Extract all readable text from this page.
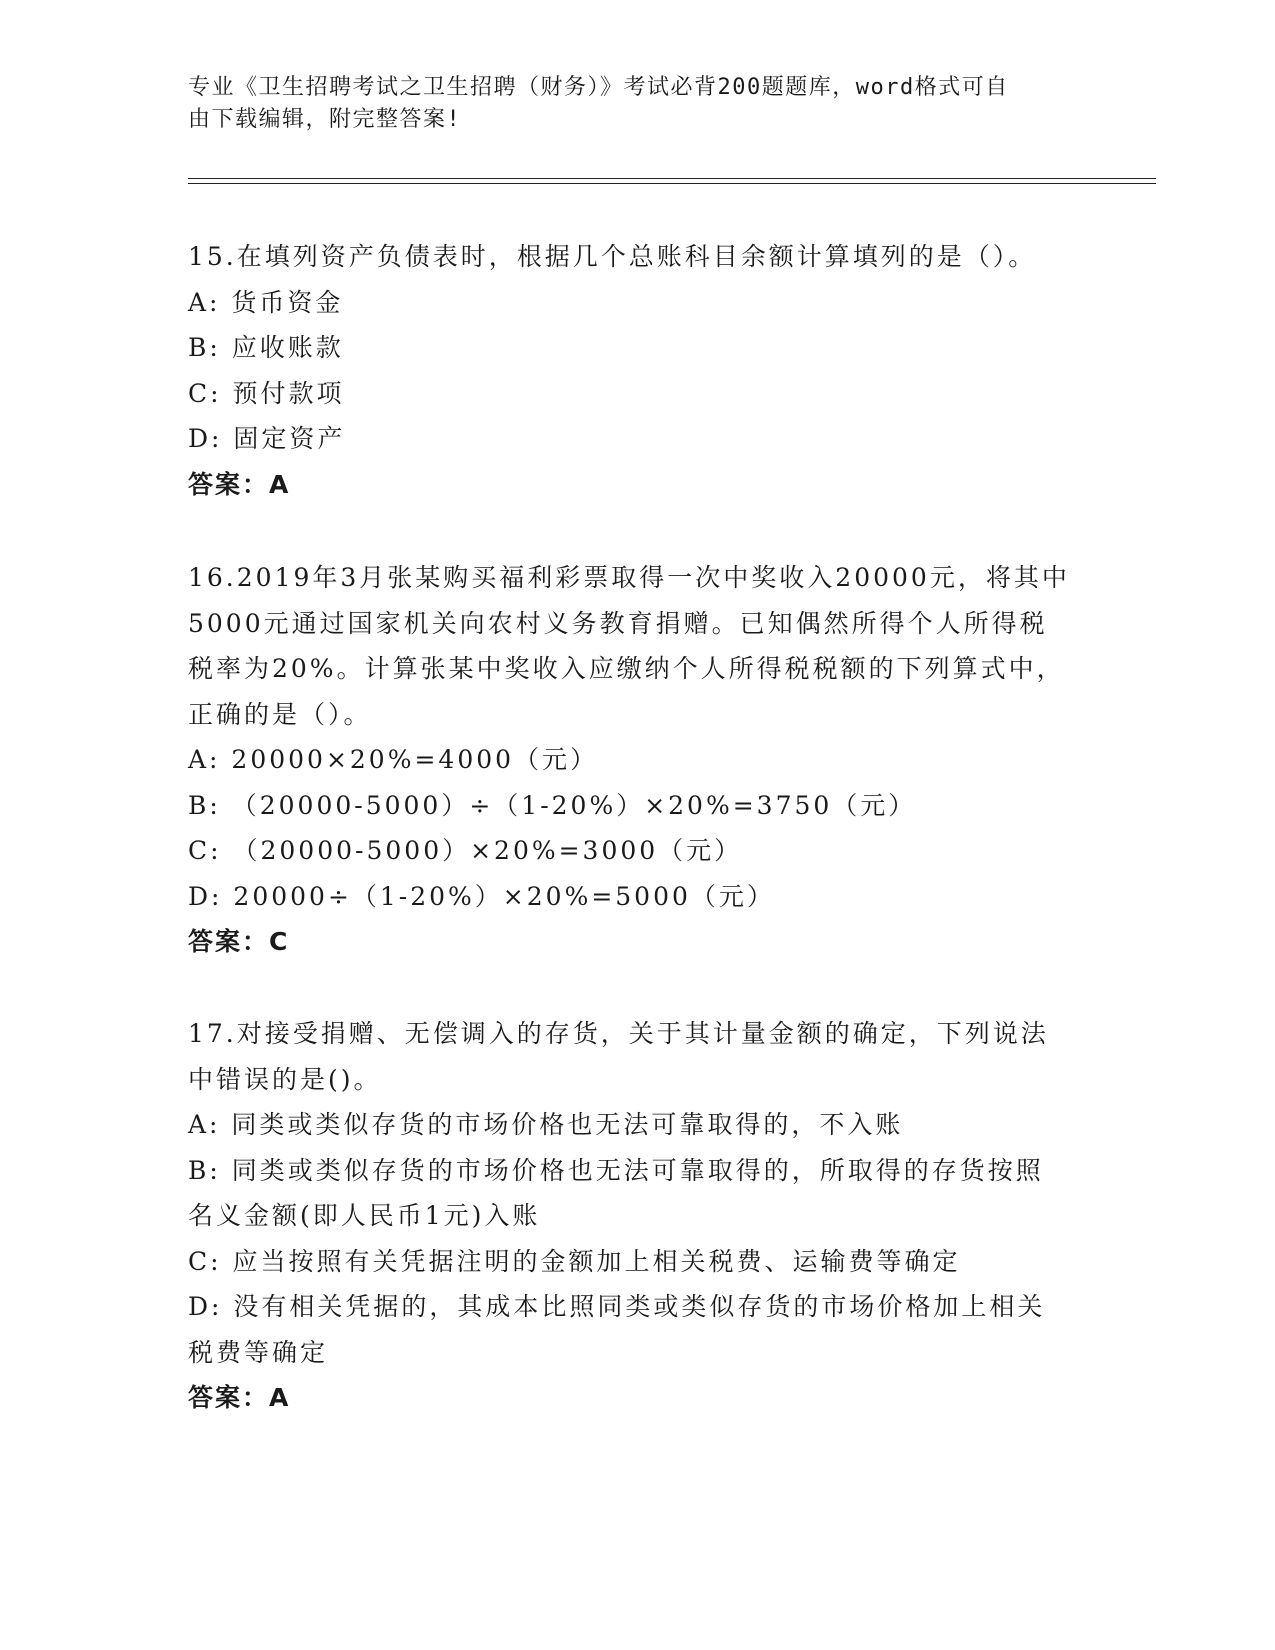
专业《卫生招聘考试之卫生招聘（财务）》考试必背200题题库，word格式可自
由下载编辑，附完整答案!
15.在填列资产负债表时，根据几个总账科目余额计算填列的是（）。
A: 货币资金
B: 应收账款
C: 预付款项
D: 固定资产
答案：A
16.2019年3月张某购买福利彩票取得一次中奖收入20000元，将其中
5000元通过国家机关向农村义务教育捐赠。已知偶然所得个人所得税
税率为20%。计算张某中奖收入应缴纳个人所得税税额的下列算式中，
正确的是（）。
A: 20000×20%=4000（元）
B: （20000-5000）÷（1-20%）×20%=3750（元）
C: （20000-5000）×20%=3000（元）
D: 20000÷（1-20%）×20%=5000（元）
答案：C
17.对接受捐赠、无偿调入的存货，关于其计量金额的确定，下列说法
中错误的是()。
A: 同类或类似存货的市场价格也无法可靠取得的，不入账
B: 同类或类似存货的市场价格也无法可靠取得的，所取得的存货按照
名义金额(即人民币1元)入账
C: 应当按照有关凭据注明的金额加上相关税费、运输费等确定
D: 没有相关凭据的，其成本比照同类或类似存货的市场价格加上相关
税费等确定
答案：A
